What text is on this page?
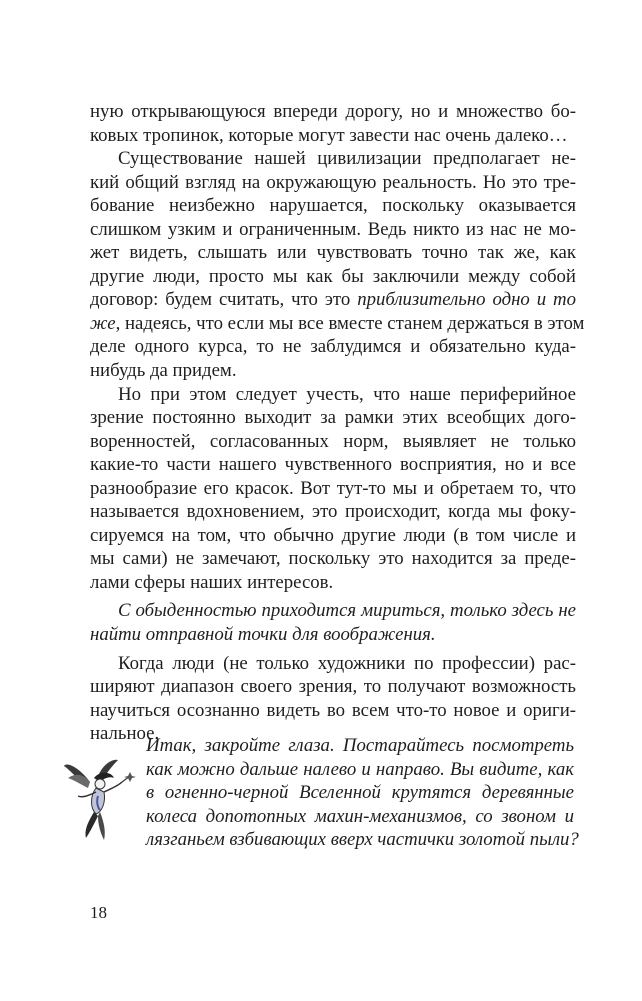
ную открывающуюся впереди дорогу, но и множество бо-
ковых тропинок, которые могут завести нас очень далеко…
Существование нашей цивилизации предполагает не-
кий общий взгляд на окружающую реальность. Но это тре-
бование неизбежно нарушается, поскольку оказывается
слишком узким и ограниченным. Ведь никто из нас не мо-
жет видеть, слышать или чувствовать точно так же, как
другие люди, просто мы как бы заключили между собой
договор: будем считать, что это приблизительно одно и то
же, надеясь, что если мы все вместе станем держаться в этом
деле одного курса, то не заблудимся и обязательно куда-
нибудь да придем.
Но при этом следует учесть, что наше периферийное
зрение постоянно выходит за рамки этих всеобщих дого-
воренностей, согласованных норм, выявляет не только
какие-то части нашего чувственного восприятия, но и все
разнообразие его красок. Вот тут-то мы и обретаем то, что
называется вдохновением, это происходит, когда мы фоку-
сируемся на том, что обычно другие люди (в том числе и
мы сами) не замечают, поскольку это находится за преде-
лами сферы наших интересов.
С обыденностью приходится мириться, только здесь не
найти отправной точки для воображения.
Когда люди (не только художники по профессии) рас-
ширяют диапазон своего зрения, то получают возможность
научиться осознанно видеть во всем что-то новое и ориги-
нальное.
Итак, закройте глаза. Постарайтесь посмотреть
как можно дальше налево и направо. Вы видите, как
в огненно-черной Вселенной крутятся деревянные
колеса допотопных махин-механизмов, со звоном и
лязганьем взбивающих вверх частички золотой пыли?
18
